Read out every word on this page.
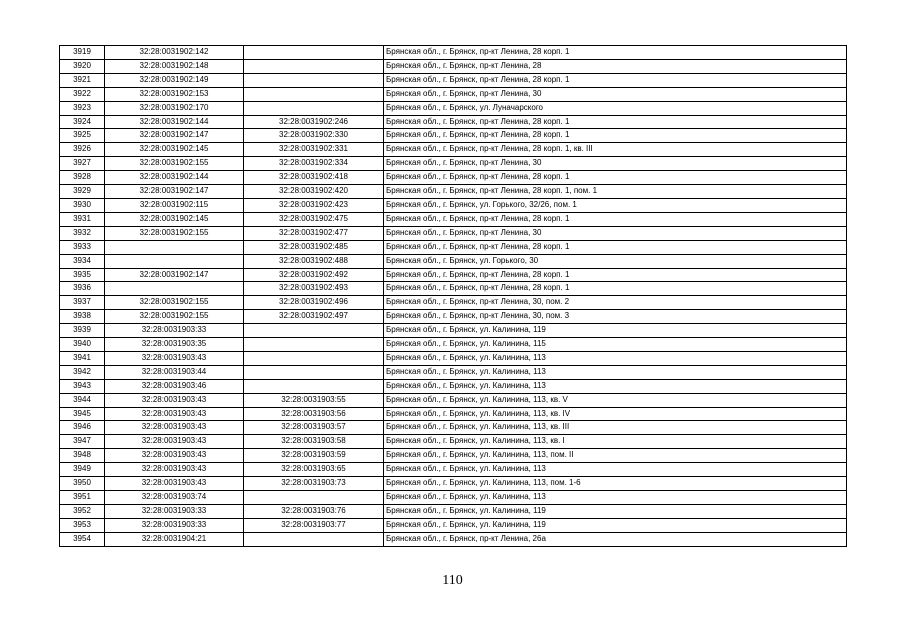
3919	32:28:0031902:142		Брянская обл., г. Брянск, пр-кт Ленина, 28 корп. 1
3920	32:28:0031902:148		Брянская обл., г. Брянск, пр-кт Ленина, 28
3921	32:28:0031902:149		Брянская обл., г. Брянск, пр-кт Ленина, 28 корп. 1
3922	32:28:0031902:153		Брянская обл., г. Брянск, пр-кт Ленина, 30
3923	32:28:0031902:170		Брянская обл., г. Брянск, ул. Луначарского
3924	32:28:0031902:144	32:28:0031902:246	Брянская обл., г. Брянск, пр-кт Ленина, 28 корп. 1
3925	32:28:0031902:147	32:28:0031902:330	Брянская обл., г. Брянск, пр-кт Ленина, 28 корп. 1
3926	32:28:0031902:145	32:28:0031902:331	Брянская обл., г. Брянск, пр-кт Ленина, 28 корп. 1, кв. III
3927	32:28:0031902:155	32:28:0031902:334	Брянская обл., г. Брянск, пр-кт Ленина, 30
3928	32:28:0031902:144	32:28:0031902:418	Брянская обл., г. Брянск, пр-кт Ленина, 28 корп. 1
3929	32:28:0031902:147	32:28:0031902:420	Брянская обл., г. Брянск, пр-кт Ленина, 28 корп. 1, пом. 1
3930	32:28:0031902:115	32:28:0031902:423	Брянская обл., г. Брянск, ул. Горького, 32/26, пом. 1
3931	32:28:0031902:145	32:28:0031902:475	Брянская обл., г. Брянск, пр-кт Ленина, 28 корп. 1
3932	32:28:0031902:155	32:28:0031902:477	Брянская обл., г. Брянск, пр-кт Ленина, 30
3933		32:28:0031902:485	Брянская обл., г. Брянск, пр-кт Ленина, 28 корп. 1
3934		32:28:0031902:488	Брянская обл., г. Брянск, ул. Горького, 30
3935	32:28:0031902:147	32:28:0031902:492	Брянская обл., г. Брянск, пр-кт Ленина, 28 корп. 1
3936		32:28:0031902:493	Брянская обл., г. Брянск, пр-кт Ленина, 28 корп. 1
3937	32:28:0031902:155	32:28:0031902:496	Брянская обл., г. Брянск, пр-кт Ленина, 30, пом. 2
3938	32:28:0031902:155	32:28:0031902:497	Брянская обл., г. Брянск, пр-кт Ленина, 30, пом. 3
3939	32:28:0031903:33		Брянская обл., г. Брянск, ул. Калинина, 119
3940	32:28:0031903:35		Брянская обл., г. Брянск, ул. Калинина, 115
3941	32:28:0031903:43		Брянская обл., г. Брянск, ул. Калинина, 113
3942	32:28:0031903:44		Брянская обл., г. Брянск, ул. Калинина, 113
3943	32:28:0031903:46		Брянская обл., г. Брянск, ул. Калинина, 113
3944	32:28:0031903:43	32:28:0031903:55	Брянская обл., г. Брянск, ул. Калинина, 113, кв. V
3945	32:28:0031903:43	32:28:0031903:56	Брянская обл., г. Брянск, ул. Калинина, 113, кв. IV
3946	32:28:0031903:43	32:28:0031903:57	Брянская обл., г. Брянск, ул. Калинина, 113, кв. III
3947	32:28:0031903:43	32:28:0031903:58	Брянская обл., г. Брянск, ул. Калинина, 113, кв. I
3948	32:28:0031903:43	32:28:0031903:59	Брянская обл., г. Брянск, ул. Калинина, 113, пом. II
3949	32:28:0031903:43	32:28:0031903:65	Брянская обл., г. Брянск, ул. Калинина, 113
3950	32:28:0031903:43	32:28:0031903:73	Брянская обл., г. Брянск, ул. Калинина, 113, пом. 1-6
3951	32:28:0031903:74		Брянская обл., г. Брянск, ул. Калинина, 113
3952	32:28:0031903:33	32:28:0031903:76	Брянская обл., г. Брянск, ул. Калинина, 119
3953	32:28:0031903:33	32:28:0031903:77	Брянская обл., г. Брянск, ул. Калинина, 119
3954	32:28:0031904:21		Брянская обл., г. Брянск, пр-кт Ленина, 26а
110
